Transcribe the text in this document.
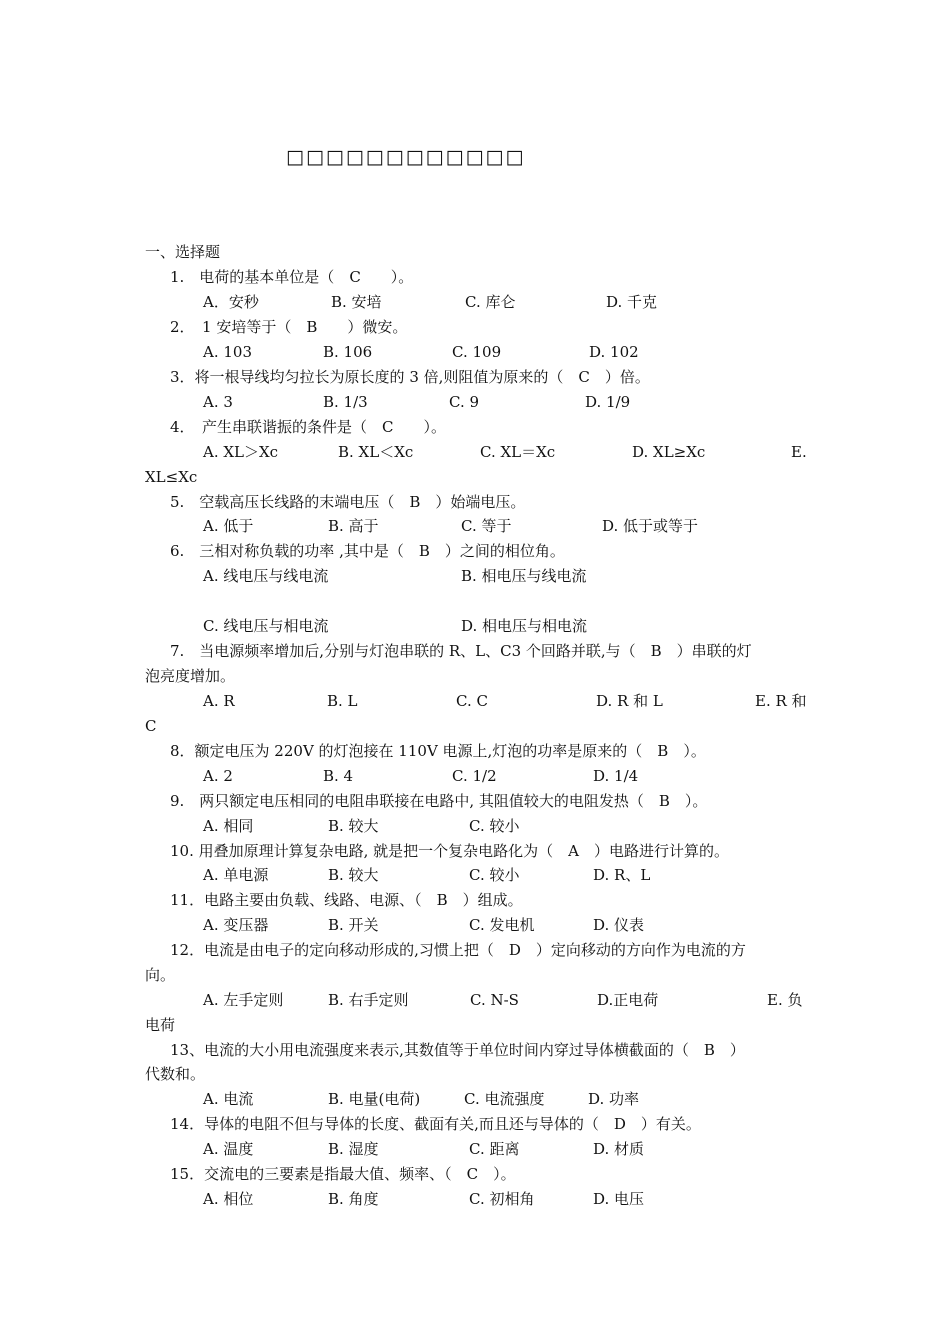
□□□□□□□□□□□□
一、选择题
1.　电荷的基本单位是（　C　　）。
A．安秒	B. 安培	C. 库仑	D. 千克
2．　1 安培等于（　B　　）微安。
A. 103	B. 106	C. 109	D. 102
3．将一根导线均匀拉长为原长度的 3 倍,则阻值为原来的（　C　）倍。
A. 3	B. 1/3	C. 9	D. 1/9
4．　产生串联谐振的条件是（　C　　）。
A. XL＞Xc	B. XL＜Xc	C. XL＝Xc	D. XL≥Xc	E.
XL≤Xc
5.　空载高压长线路的末端电压（　B　）始端电压。
A. 低于	B. 高于	C. 等于	D. 低于或等于
6.　三相对称负载的功率 ,其中是（　B　）之间的相位角。
A. 线电压与线电流	B. 相电压与线电流
C. 线电压与相电流	D. 相电压与相电流
7.　当电源频率增加后,分别与灯泡串联的 R、L、C3 个回路并联,与（　B　）串联的灯
泡亮度增加。
A. R	B. L	C. C	D. R 和 L	E. R 和
C
8．额定电压为 220V 的灯泡接在 110V 电源上,灯泡的功率是原来的（　B　）。
A. 2	B. 4	C. 1/2	D. 1/4
9.　两只额定电压相同的电阻串联接在电路中, 其阻值较大的电阻发热（　B　）。
A. 相同	B. 较大	C. 较小
10. 用叠加原理计算复杂电路, 就是把一个复杂电路化为（　A　）电路进行计算的。
A. 单电源	B. 较大	C. 较小	D. R、L
11．电路主要由负载、线路、电源、（　B　）组成。
A. 变压器	B. 开关	C. 发电机	D. 仪表
12．电流是由电子的定向移动形成的,习惯上把（　D　）定向移动的方向作为电流的方
向。
A. 左手定则	B. 右手定则	C. N-S	D.正电荷	E. 负
电荷
13、电流的大小用电流强度来表示,其数值等于单位时间内穿过导体横截面的（　B　）
代数和。
A. 电流	B. 电量(电荷)	C. 电流强度	D. 功率
14．导体的电阻不但与导体的长度、截面有关,而且还与导体的（　D　）有关。
A. 温度	B. 湿度	C. 距离	D. 材质
15．交流电的三要素是指最大值、频率、（　C　）。
A. 相位	B. 角度	C. 初相角	D. 电压
